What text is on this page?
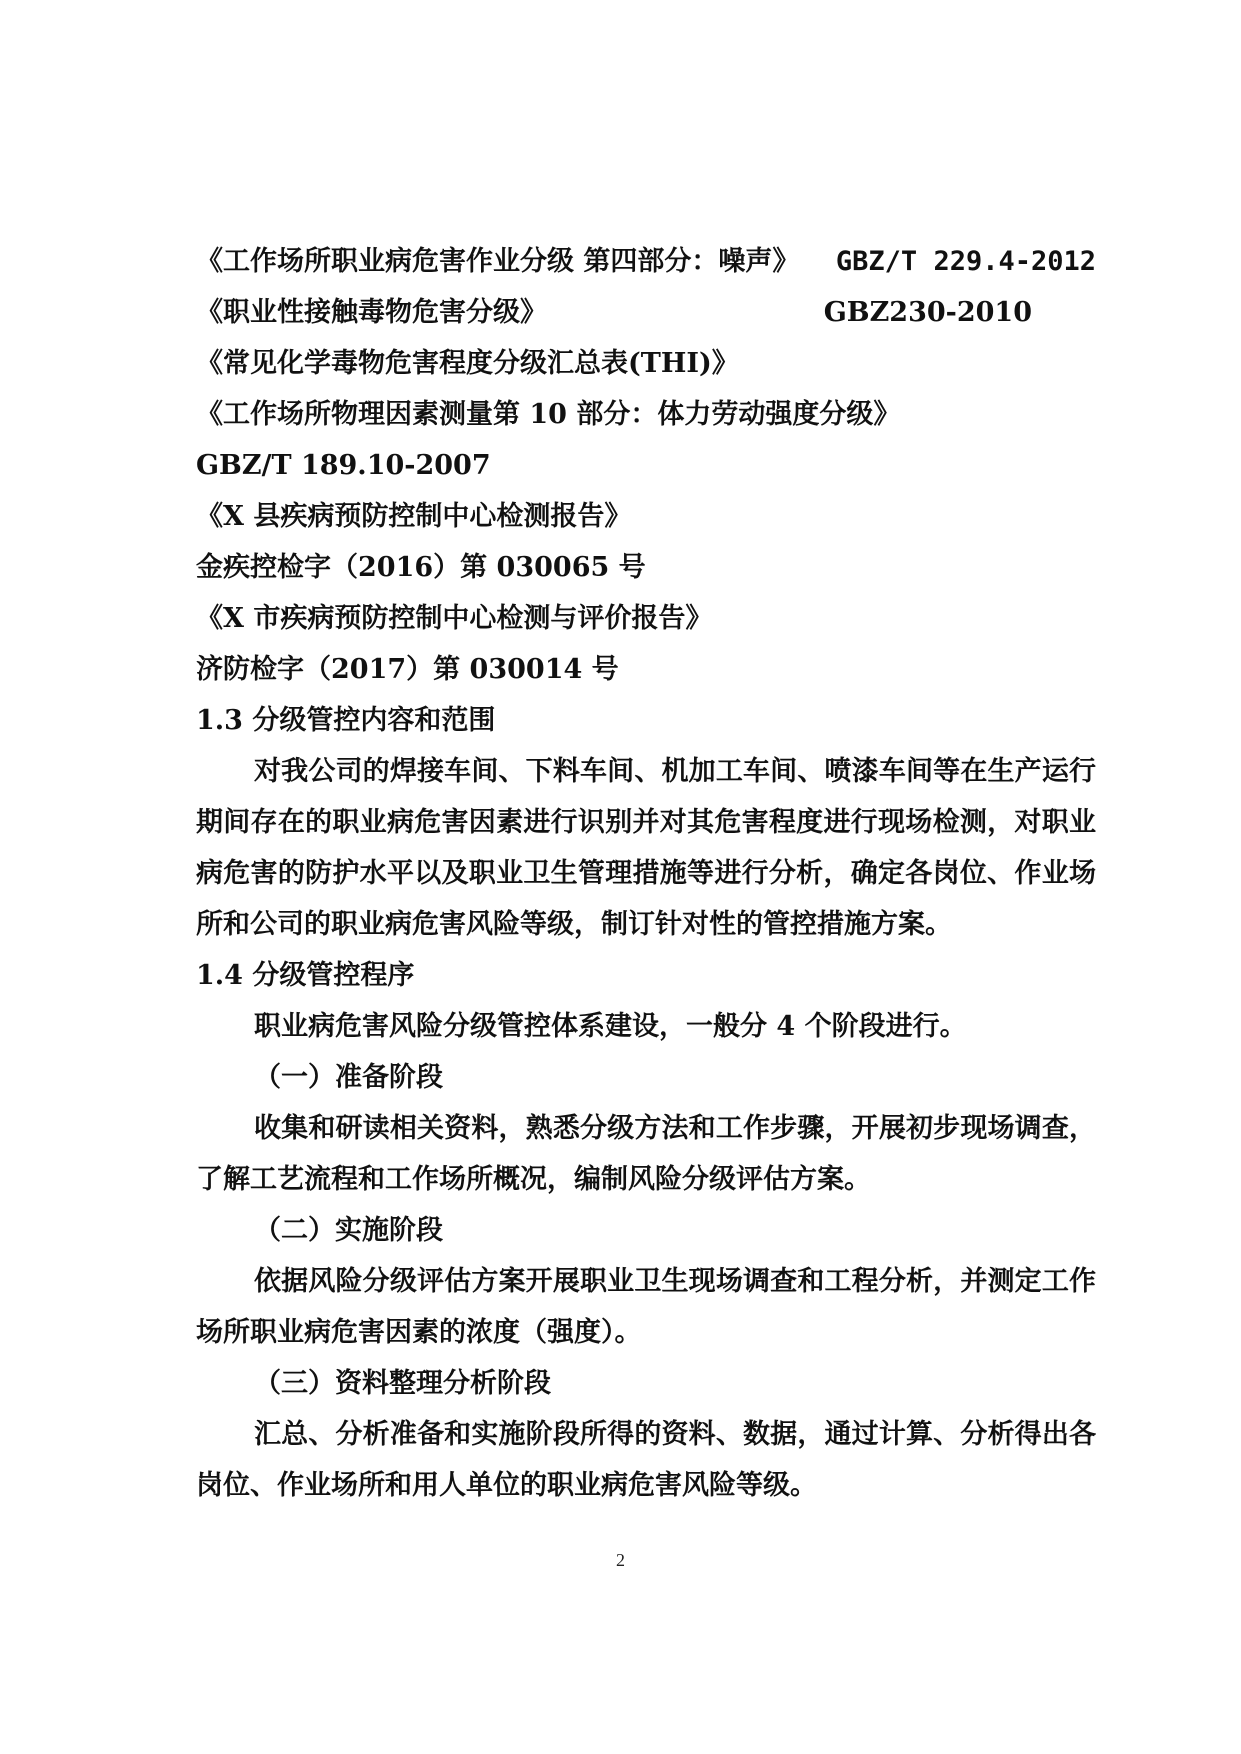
《工作场所职业病危害作业分级 第四部分：噪声》 GBZ/T 229.4-2012
《职业性接触毒物危害分级》	GBZ230-2010
《常见化学毒物危害程度分级汇总表(THI)》
《工作场所物理因素测量第 10 部分：体力劳动强度分级》
GBZ/T 189.10-2007
《X 县疾病预防控制中心检测报告》
金疾控检字（2016）第 030065 号
《X 市疾病预防控制中心检测与评价报告》
济防检字（2017）第 030014 号
1.3 分级管控内容和范围
对我公司的焊接车间、下料车间、机加工车间、喷漆车间等在生产运行期间存在的职业病危害因素进行识别并对其危害程度进行现场检测，对职业病危害的防护水平以及职业卫生管理措施等进行分析，确定各岗位、作业场所和公司的职业病危害风险等级，制订针对性的管控措施方案。
1.4 分级管控程序
职业病危害风险分级管控体系建设，一般分 4 个阶段进行。
（一）准备阶段
收集和研读相关资料，熟悉分级方法和工作步骤，开展初步现场调查，了解工艺流程和工作场所概况，编制风险分级评估方案。
（二）实施阶段
依据风险分级评估方案开展职业卫生现场调查和工程分析，并测定工作场所职业病危害因素的浓度（强度）。
（三）资料整理分析阶段
汇总、分析准备和实施阶段所得的资料、数据，通过计算、分析得出各岗位、作业场所和用人单位的职业病危害风险等级。
2
